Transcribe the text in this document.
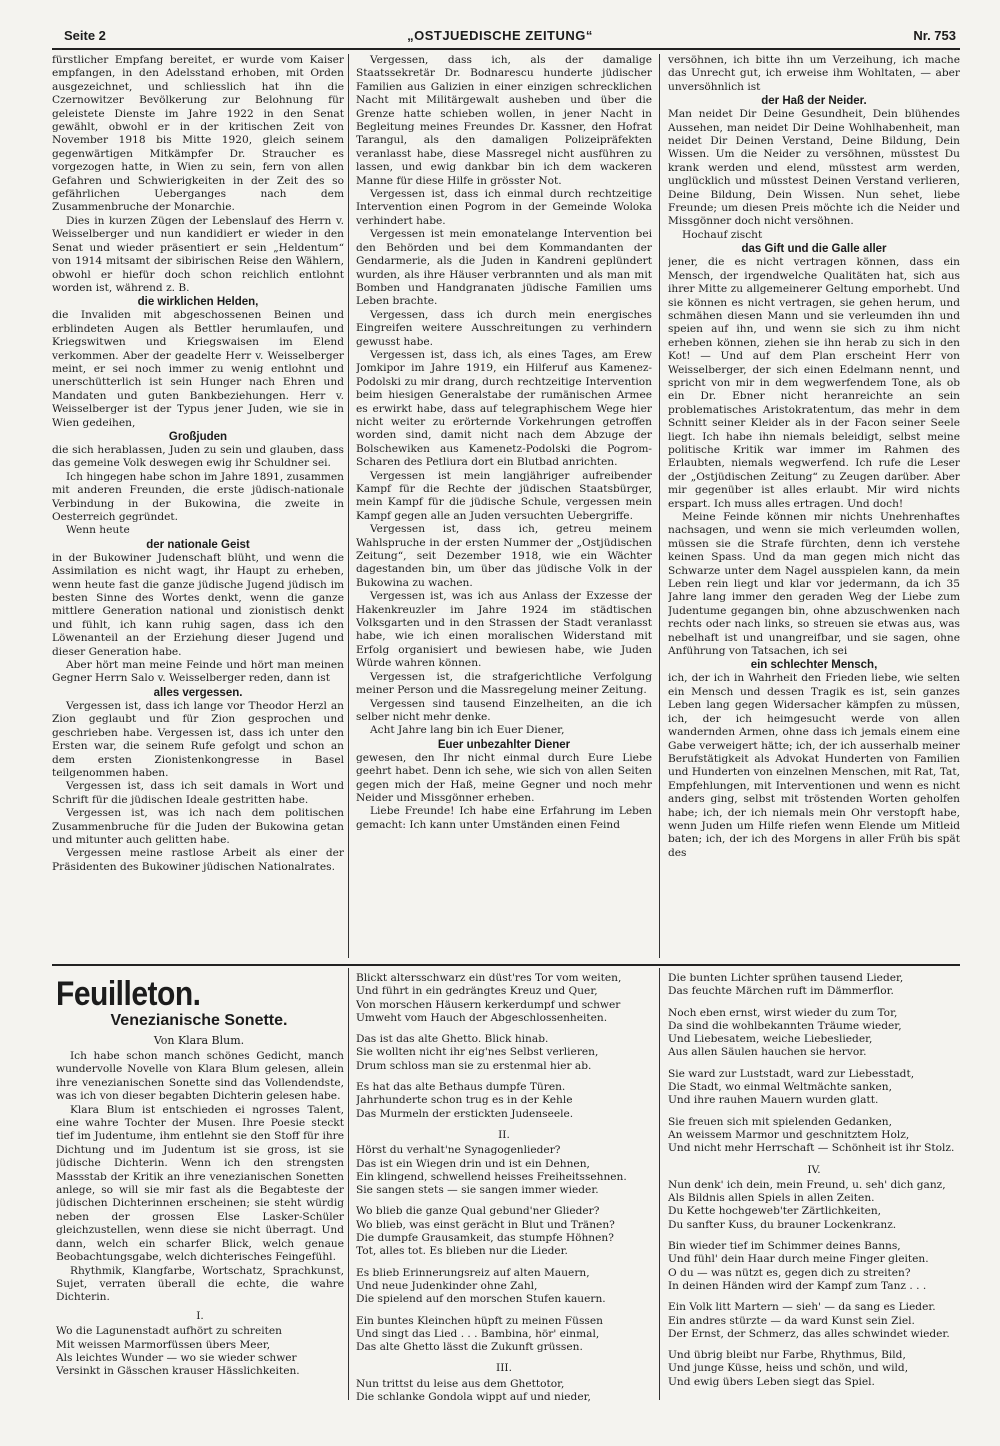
Seite 2	„OSTJUEDISCHE ZEITUNG“	Nr. 753

fürstlicher Empfang bereitet, er wurde vom Kaiser empfangen, in den Adelsstand erhoben, mit Orden ausgezeichnet, und schliesslich hat ihn die Czernowitzer Bevölkerung zur Belohnung für geleistete Dienste im Jahre 1922 in den Senat gewählt, obwohl er in der kritischen Zeit von November 1918 bis Mitte 1920, gleich seinem gegenwärtigen Mitkämpfer Dr. Straucher es vorgezogen hatte, in Wien zu sein, fern von allen Gefahren und Schwierigkeiten in der Zeit des so gefährlichen Ueberganges nach dem Zusammenbruche der Monarchie.

Dies in kurzen Zügen der Lebenslauf des Herrn v. Weisselberger und nun kandidiert er wieder in den Senat und wieder präsentiert er sein „Heldentum“ von 1914 mitsamt der sibirischen Reise den Wählern, obwohl er hiefür doch schon reichlich entlohnt worden ist, während z. B.

die wirklichen Helden,

die Invaliden mit abgeschossenen Beinen und erblindeten Augen als Bettler herumlaufen, und Kriegswitwen und Kriegswaisen im Elend verkommen. Aber der geadelte Herr v. Weisselberger meint, er sei noch immer zu wenig entlohnt und unerschütterlich ist sein Hunger nach Ehren und Mandaten und guten Bankbeziehungen. Herr v. Weisselberger ist der Typus jener Juden, wie sie in Wien gedeihen,

Großjuden

die sich herablassen, Juden zu sein und glauben, dass das gemeine Volk deswegen ewig ihr Schuldner sei.

Ich hingegen habe schon im Jahre 1891, zusammen mit anderen Freunden, die erste jüdisch-nationale Verbindung in der Bukowina, die zweite in Oesterreich gegründet.

Wenn heute

der nationale Geist

in der Bukowiner Judenschaft blüht, und wenn die Assimilation es nicht wagt, ihr Haupt zu erheben, wenn heute fast die ganze jüdische Jugend jüdisch im besten Sinne des Wortes denkt, wenn die ganze mittlere Generation national und zionistisch denkt und fühlt, ich kann ruhig sagen, dass ich den Löwenanteil an der Erziehung dieser Jugend und dieser Generation habe.

Aber hört man meine Feinde und hört man meinen Gegner Herrn Salo v. Weisselberger reden, dann ist

alles vergessen.

Vergessen ist, dass ich lange vor Theodor Herzl an Zion geglaubt und für Zion gesprochen und geschrieben habe. Vergessen ist, dass ich unter den Ersten war, die seinem Rufe gefolgt und schon an dem ersten Zionistenkongresse in Basel teilgenommen haben.

Vergessen ist, dass ich seit damals in Wort und Schrift für die jüdischen Ideale gestritten habe.

Vergessen ist, was ich nach dem politischen Zusammenbruche für die Juden der Bukowina getan und mitunter auch gelitten habe.

Vergessen meine rastlose Arbeit als einer der Präsidenten des Bukowiner jüdischen Nationalrates.

Vergessen, dass ich, als der damalige Staatssekretär Dr. Bodnarescu hunderte jüdischer Familien aus Galizien in einer einzigen schrecklichen Nacht mit Militärgewalt ausheben und über die Grenze hatte schieben wollen, in jener Nacht in Begleitung meines Freundes Dr. Kassner, den Hofrat Tarangul, als den damaligen Polizeipräfekten veranlasst habe, diese Massregel nicht ausführen zu lassen, und ewig dankbar bin ich dem wackeren Manne für diese Hilfe in grösster Not.

Vergessen ist, dass ich einmal durch rechtzeitige Intervention einen Pogrom in der Gemeinde Woloka verhindert habe.

Vergessen ist mein emonatelange Intervention bei den Behörden und bei dem Kommandanten der Gendarmerie, als die Juden in Kandreni geplündert wurden, als ihre Häuser verbrannten und als man mit Bomben und Handgranaten jüdische Familien ums Leben brachte.

Vergessen, dass ich durch mein energisches Eingreifen weitere Ausschreitungen zu verhindern gewusst habe.

Vergessen ist, dass ich, als eines Tages, am Erew Jomkipor im Jahre 1919, ein Hilferuf aus Kamenez-Podolski zu mir drang, durch rechtzeitige Intervention beim hiesigen Generalstabe der rumänischen Armee es erwirkt habe, dass auf telegraphischem Wege hier nicht weiter zu erörternde Vorkehrungen getroffen worden sind, damit nicht nach dem Abzuge der Bolschewiken aus Kamenetz-Podolski die Pogrom-Scharen des Petliura dort ein Blutbad anrichten.

Vergessen ist mein langjähriger aufreibender Kampf für die Rechte der jüdischen Staatsbürger, mein Kampf für die jüdische Schule, vergessen mein Kampf gegen alle an Juden versuchten Uebergriffe.

Vergessen ist, dass ich, getreu meinem Wahlspruche in der ersten Nummer der „Ostjüdischen Zeitung“, seit Dezember 1918, wie ein Wächter dagestanden bin, um über das jüdische Volk in der Bukowina zu wachen.

Vergessen ist, was ich aus Anlass der Exzesse der Hakenkreuzler im Jahre 1924 im städtischen Volksgarten und in den Strassen der Stadt veranlasst habe, wie ich einen moralischen Widerstand mit Erfolg organisiert und bewiesen habe, wie Juden Würde wahren können.

Vergessen ist, die strafgerichtliche Verfolgung meiner Person und die Massregelung meiner Zeitung.

Vergessen sind tausend Einzelheiten, an die ich selber nicht mehr denke.

Acht Jahre lang bin ich Euer Diener,

Euer unbezahlter Diener

gewesen, den Ihr nicht einmal durch Eure Liebe geehrt habet. Denn ich sehe, wie sich von allen Seiten gegen mich der Haß, meine Gegner und noch mehr Neider und Missgönner erheben.

Liebe Freunde! Ich habe eine Erfahrung im Leben gemacht: Ich kann unter Umständen einen Feind

versöhnen, ich bitte ihn um Verzeihung, ich mache das Unrecht gut, ich erweise ihm Wohltaten, — aber unversöhnlich ist

der Haß der Neider.

Man neidet Dir Deine Gesundheit, Dein blühendes Aussehen, man neidet Dir Deine Wohlhabenheit, man neidet Dir Deinen Verstand, Deine Bildung, Dein Wissen. Um die Neider zu versöhnen, müsstest Du krank werden und elend, müsstest arm werden, unglücklich und müsstest Deinen Verstand verlieren, Deine Bildung, Dein Wissen. Nun sehet, liebe Freunde; um diesen Preis möchte ich die Neider und Missgönner doch nicht versöhnen.

Hochauf zischt

das Gift und die Galle aller

jener, die es nicht vertragen können, dass ein Mensch, der irgendwelche Qualitäten hat, sich aus ihrer Mitte zu allgemeinerer Geltung emporhebt. Und sie können es nicht vertragen, sie gehen herum, und schmähen diesen Mann und sie verleumden ihn und speien auf ihn, und wenn sie sich zu ihm nicht erheben können, ziehen sie ihn herab zu sich in den Kot! — Und auf dem Plan erscheint Herr von Weisselberger, der sich einen Edelmann nennt, und spricht von mir in dem wegwerfendem Tone, als ob ein Dr. Ebner nicht heranreichte an sein problematisches Aristokratentum, das mehr in dem Schnitt seiner Kleider als in der Facon seiner Seele liegt. Ich habe ihn niemals beleidigt, selbst meine politische Kritik war immer im Rahmen des Erlaubten, niemals wegwerfend. Ich rufe die Leser der „Ostjüdischen Zeitung“ zu Zeugen darüber. Aber mir gegenüber ist alles erlaubt. Mir wird nichts erspart. Ich muss alles ertragen. Und doch!

Meine Feinde können mir nichts Unehrenhaftes nachsagen, und wenn sie mich verleumden wollen, müssen sie die Strafe fürchten, denn ich verstehe keinen Spass. Und da man gegen mich nicht das Schwarze unter dem Nagel ausspielen kann, da mein Leben rein liegt und klar vor jedermann, da ich 35 Jahre lang immer den geraden Weg der Liebe zum Judentume gegangen bin, ohne abzuschwenken nach rechts oder nach links, so streuen sie etwas aus, was nebelhaft ist und unangreifbar, und sie sagen, ohne Anführung von Tatsachen, ich sei

ein schlechter Mensch,

ich, der ich in Wahrheit den Frieden liebe, wie selten ein Mensch und dessen Tragik es ist, sein ganzes Leben lang gegen Widersacher kämpfen zu müssen, ich, der ich heimgesucht werde von allen wandernden Armen, ohne dass ich jemals einem eine Gabe verweigert hätte; ich, der ich ausserhalb meiner Berufstätigkeit als Advokat Hunderten von Familien und Hunderten von einzelnen Menschen, mit Rat, Tat, Empfehlungen, mit Interventionen und wenn es nicht anders ging, selbst mit tröstenden Worten geholfen habe; ich, der ich niemals mein Ohr verstopft habe, wenn Juden um Hilfe riefen wenn Elende um Mitleid baten; ich, der ich des Morgens in aller Früh bis spät des

Feuilleton.
Venezianische Sonette.
Von Klara Blum.

Ich habe schon manch schönes Gedicht, manch wundervolle Novelle von Klara Blum gelesen, allein ihre venezianischen Sonette sind das Vollendendste, was ich von dieser begabten Dichterin gelesen habe.

Klara Blum ist entschieden ei ngrosses Talent, eine wahre Tochter der Musen. Ihre Poesie steckt tief im Judentume, ihm entlehnt sie den Stoff für ihre Dichtung und im Judentum ist sie gross, ist sie jüdische Dichterin. Wenn ich den strengsten Massstab der Kritik an ihre venezianischen Sonetten anlege, so will sie mir fast als die Begabteste der jüdischen Dichterinnen erscheinen; sie steht würdig neben der grossen Else Lasker-Schüler gleichzustellen, wenn diese sie nicht überragt. Und dann, welch ein scharfer Blick, welch genaue Beobachtungsgabe, welch dichterisches Feingefühl.

Rhythmik, Klangfarbe, Wortschatz, Sprachkunst, Sujet, verraten überall die echte, die wahre Dichterin.

I.
Wo die Lagunenstadt aufhört zu schreiten
Mit weissen Marmorfüssen übers Meer,
Als leichtes Wunder — wo sie wieder schwer
Versinkt in Gässchen krauser Hässlichkeiten.
Blickt altersschwarz ein düst'res Tor vom weiten,
Und führt in ein gedrängtes Kreuz und Quer,
Von morschen Häusern kerkerdumpf und schwer
Umweht vom Hauch der Abgeschlossenheiten.
Das ist das alte Ghetto. Blick hinab.
Sie wollten nicht ihr eig'nes Selbst verlieren,
Drum schloss man sie zu erstenmal hier ab.
Es hat das alte Bethaus dumpfe Türen.
Jahrhunderte schon trug es in der Kehle
Das Murmeln der erstickten Judenseele.
II.
Hörst du verhalt'ne Synagogenlieder?
Das ist ein Wiegen drin und ist ein Dehnen,
Ein klingend, schwellend heisses Freiheitssehnen.
Sie sangen stets — sie sangen immer wieder.
Wo blieb die ganze Qual gebund'ner Glieder?
Wo blieb, was einst gerächt in Blut und Tränen?
Die dumpfe Grausamkeit, das stumpfe Höhnen?
Tot, alles tot. Es blieben nur die Lieder.
Es blieb Erinnerungsreiz auf alten Mauern,
Und neue Judenkinder ohne Zahl,
Die spielend auf den morschen Stufen kauern.
Ein buntes Kleinchen hüpft zu meinen Füssen
Und singt das Lied . . . Bambina, hör' einmal,
Das alte Ghetto lässt die Zukunft grüssen.
III.
Nun trittst du leise aus dem Ghettotor,
Die schlanke Gondola wippt auf und nieder,
Die bunten Lichter sprühen tausend Lieder,
Das feuchte Märchen ruft im Dämmerflor.
Noch eben ernst, wirst wieder du zum Tor,
Da sind die wohlbekannten Träume wieder,
Und Liebesatem, weiche Liebeslieder,
Aus allen Säulen hauchen sie hervor.
Sie ward zur Luststadt, ward zur Liebesstadt,
Die Stadt, wo einmal Weltmächte sanken,
Und ihre rauhen Mauern wurden glatt.
Sie freuen sich mit spielenden Gedanken,
An weissem Marmor und geschnitztem Holz,
Und nicht mehr Herrschaft — Schönheit ist ihr Stolz.
IV.
Nun denk' ich dein, mein Freund, u. seh' dich ganz,
Als Bildnis allen Spiels in allen Zeiten.
Du Kette hochgeweb'ter Zärtlichkeiten,
Du sanfter Kuss, du brauner Lockenkranz.
Bin wieder tief im Schimmer deines Banns,
Und fühl' dein Haar durch meine Finger gleiten.
O du — was nützt es, gegen dich zu streiten?
In deinen Händen wird der Kampf zum Tanz . . .
Ein Volk litt Martern — sieh' — da sang es Lieder.
Ein andres stürzte — da ward Kunst sein Ziel.
Der Ernst, der Schmerz, das alles schwindet wieder.
Und übrig bleibt nur Farbe, Rhythmus, Bild,
Und junge Küsse, heiss und schön, und wild,
Und ewig übers Leben siegt das Spiel.
